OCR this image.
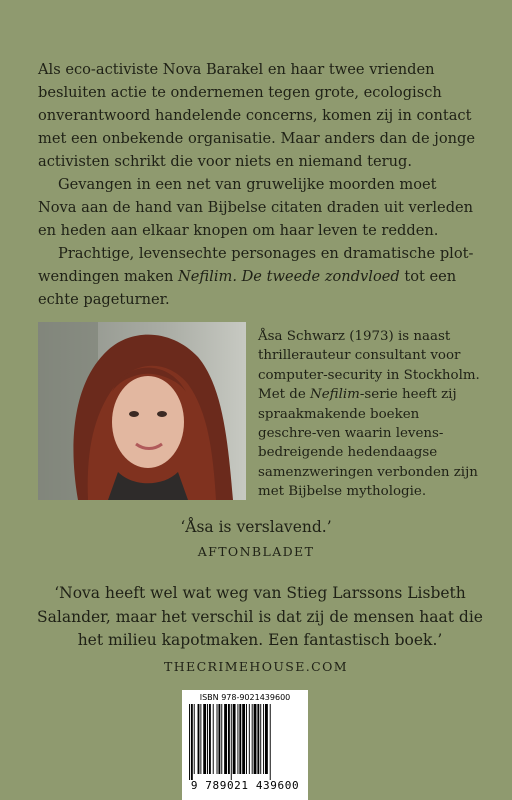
Als eco-activiste Nova Barakel en haar twee vrienden besluiten actie te ondernemen tegen grote, ecologisch onverantwoord handelende concerns, komen zij in contact met een onbekende organisatie. Maar anders dan de jonge activisten schrikt die voor niets en niemand terug.

Gevangen in een net van gruwelijke moorden moet Nova aan de hand van Bijbelse citaten draden uit verleden en heden aan elkaar knopen om haar leven te redden.

Prachtige, levensechte personages en dramatische plot-wendingen maken Nefilim. De tweede zondvloed tot een echte pageturner.

Åsa Schwarz (1973) is naast thrillerauteur consultant voor computer-security in Stockholm. Met de Nefilim-serie heeft zij spraakmakende boeken geschre-ven waarin levens-bedreigende hedendaagse samenzweringen verbonden zijn met Bijbelse mythologie.
‘Åsa is verslavend.’
AFTONBLADET
‘Nova heeft wel wat weg van Stieg Larssons Lisbeth Salander, maar het verschil is dat zij de mensen haat die het milieu kapotmaken. Een fantastisch boek.’
THECRIMEHOUSE.COM
ISBN 978-9021439600
9 789021 439600
